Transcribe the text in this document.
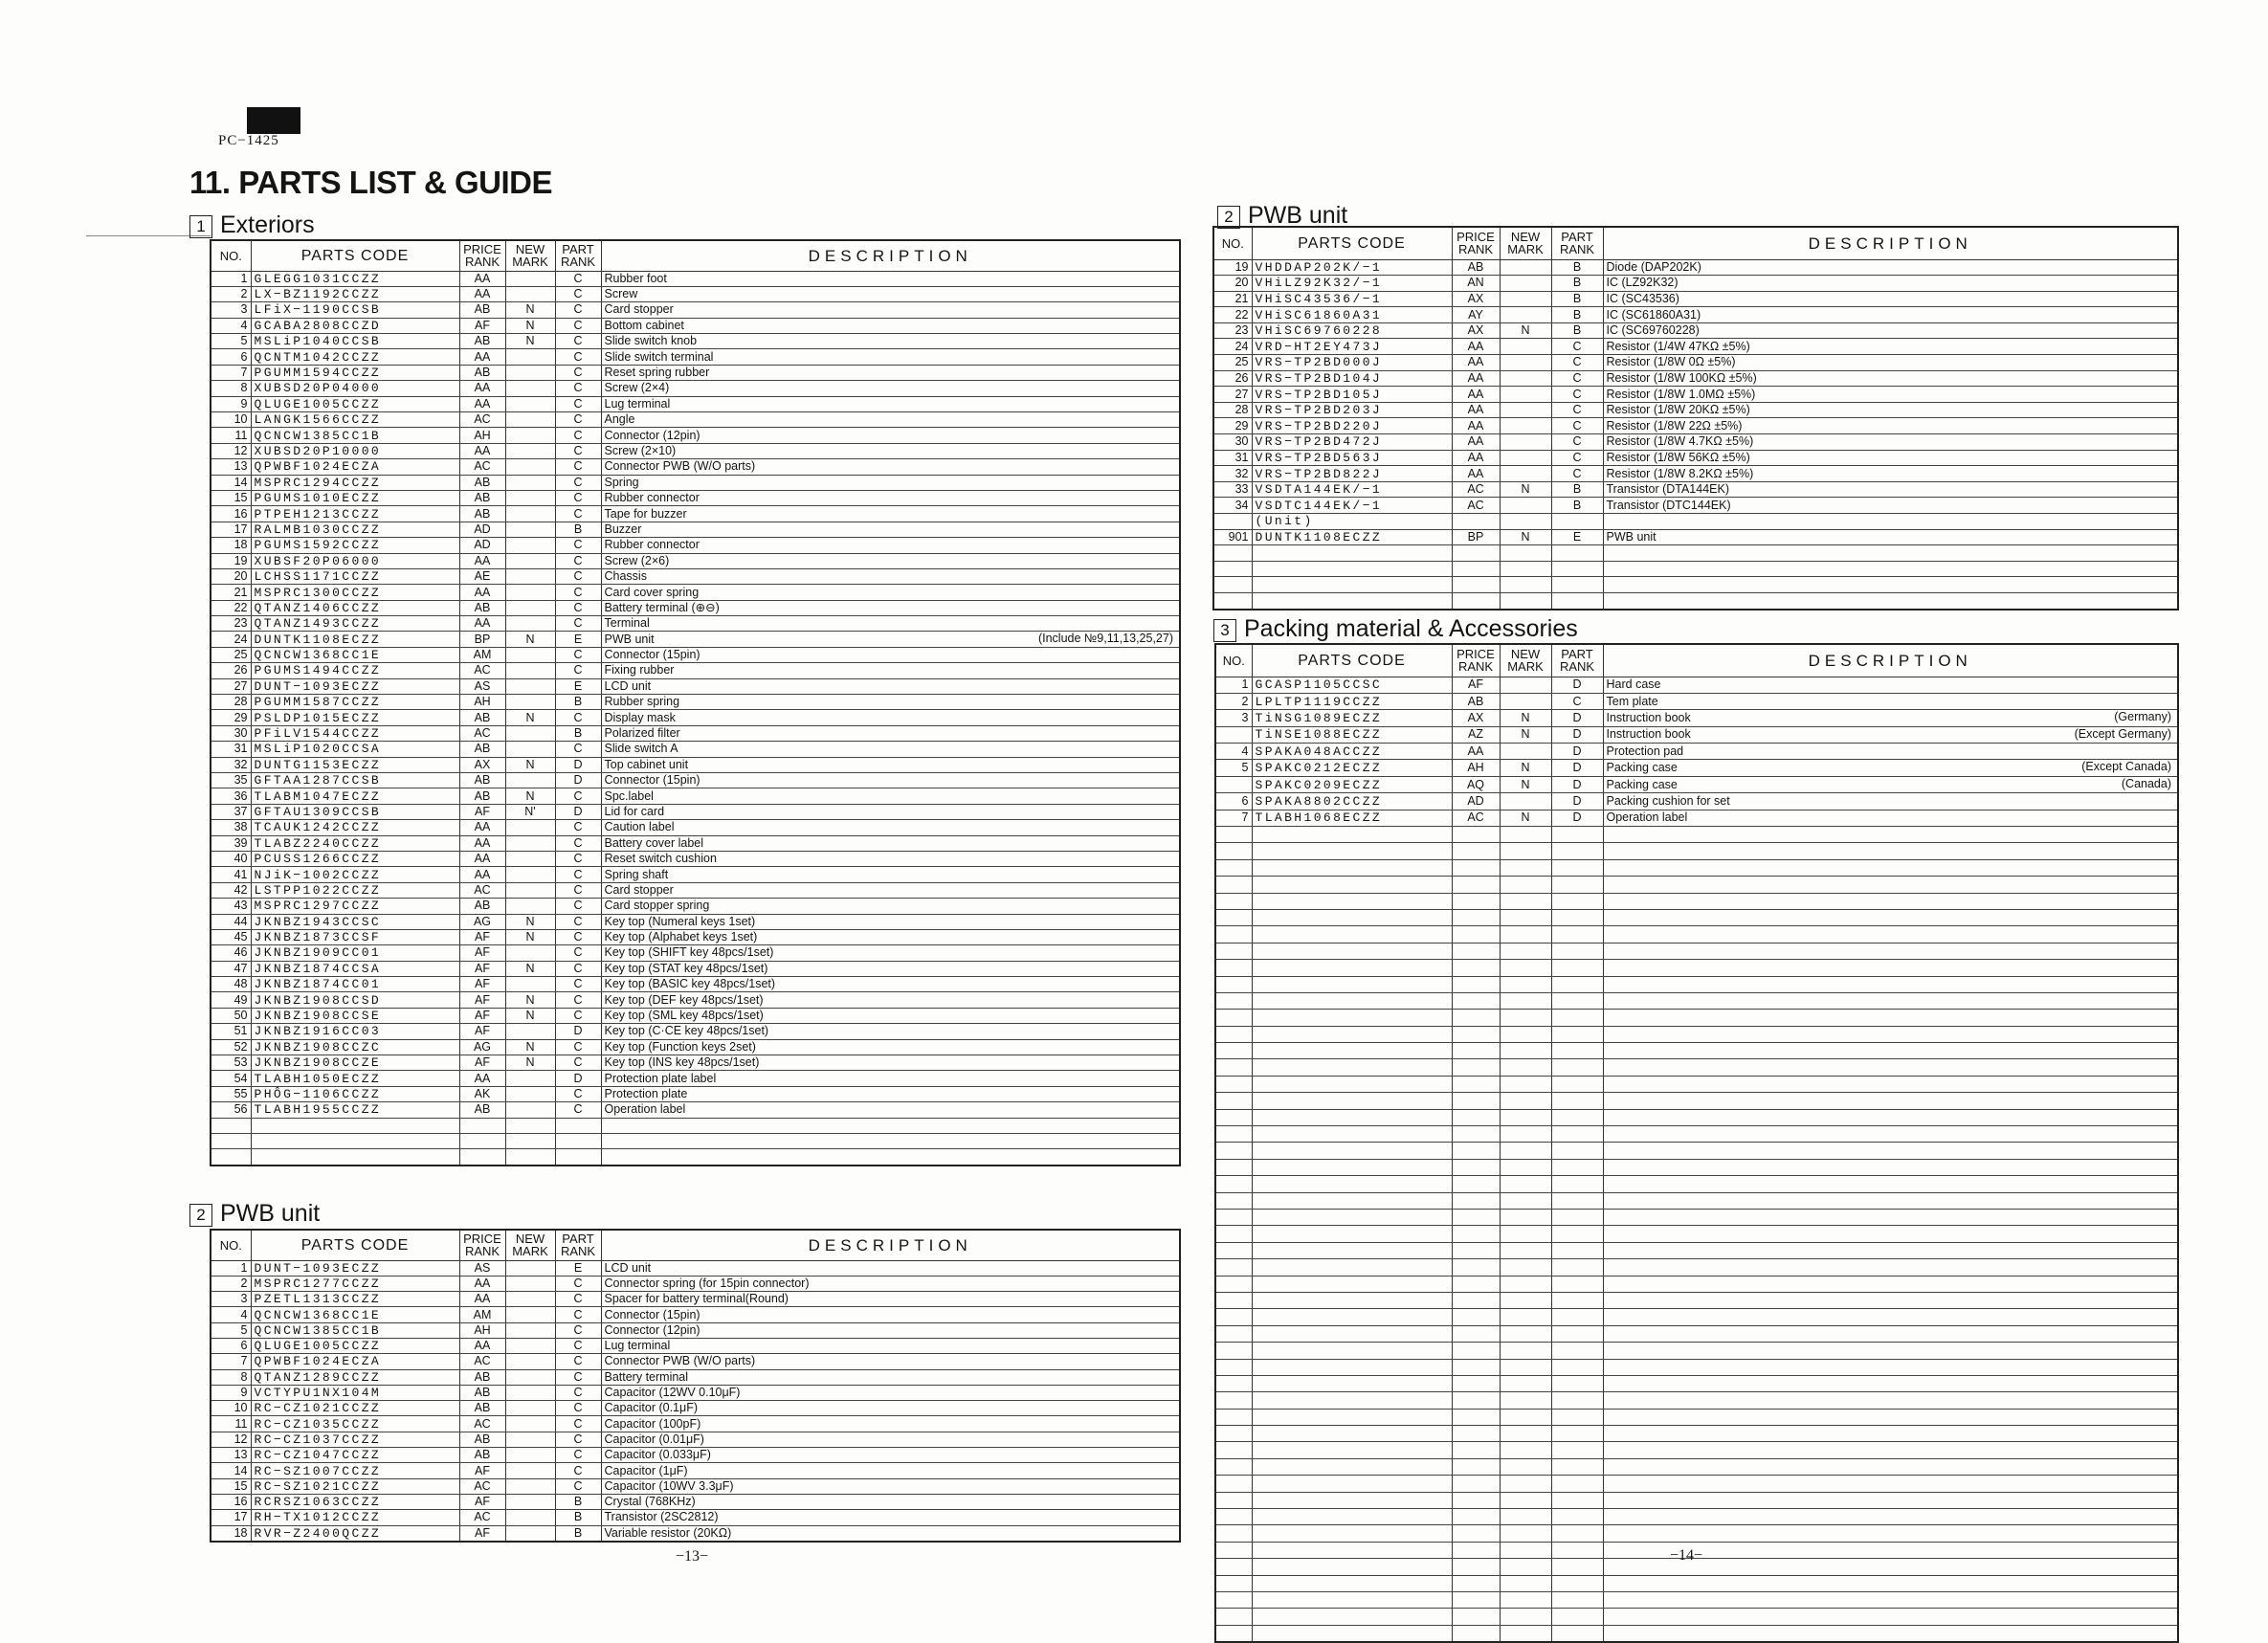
PC−1425
11. PARTS LIST & GUIDE
1 Exteriors
NO.	PARTS CODE	PRICE RANK	NEW MARK	PART RANK	DESCRIPTION
1	GLEGG1031CCZZ	AA		C	Rubber foot
2	LX−BZ1192CCZZ	AA		C	Screw
3	LFiX−1190CCSB	AB	N	C	Card stopper
4	GCABA2808CCZD	AF	N	C	Bottom cabinet
5	MSLiP1040CCSB	AB	N	C	Slide switch knob
6	QCNTM1042CCZZ	AA		C	Slide switch terminal
7	PGUMM1594CCZZ	AB		C	Reset spring rubber
8	XUBSD20P04000	AA		C	Screw (2×4)
9	QLUGE1005CCZZ	AA		C	Lug terminal
10	LANGK1566CCZZ	AC		C	Angle
11	QCNCW1385CC1B	AH		C	Connector (12pin)
12	XUBSD20P10000	AA		C	Screw (2×10)
13	QPWBF1024ECZA	AC		C	Connector PWB (W/O parts)
14	MSPRC1294CCZZ	AB		C	Spring
15	PGUMS1010ECZZ	AB		C	Rubber connector
16	PTPEH1213CCZZ	AB		C	Tape for buzzer
17	RALMB1030CCZZ	AD		B	Buzzer
18	PGUMS1592CCZZ	AD		C	Rubber connector
19	XUBSF20P06000	AA		C	Screw (2×6)
20	LCHSS1171CCZZ	AE		C	Chassis
21	MSPRC1300CCZZ	AA		C	Card cover spring
22	QTANZ1406CCZZ	AB		C	Battery terminal (⊕⊖)
23	QTANZ1493CCZZ	AA		C	Terminal
24	DUNTK1108ECZZ	BP	N	E	PWB unit (Include №9,11,13,25,27)

25	QCNCW1368CC1E	AM		C	Connector (15pin)
26	PGUMS1494CCZZ	AC		C	Fixing rubber
27	DUNT−1093ECZZ	AS		E	LCD unit
28	PGUMM1587CCZZ	AH		B	Rubber spring
29	PSLDP1015ECZZ	AB	N	C	Display mask
30	PFiLV1544CCZZ	AC		B	Polarized filter
31	MSLiP1020CCSA	AB		C	Slide switch A
32	DUNTG1153ECZZ	AX	N	D	Top cabinet unit
35	GFTAA1287CCSB	AB		D	Connector (15pin)
36	TLABM1047ECZZ	AB	N	C	Spc.label
37	GFTAU1309CCSB	AF	N'	D	Lid for card
38	TCAUK1242CCZZ	AA		C	Caution label
39	TLABZ2240CCZZ	AA		C	Battery cover label
40	PCUSS1266CCZZ	AA		C	Reset switch cushion
41	NJiK−1002CCZZ	AA		C	Spring shaft
42	LSTPP1022CCZZ	AC		C	Card stopper
43	MSPRC1297CCZZ	AB		C	Card stopper spring
44	JKNBZ1943CCSC	AG	N	C	Key top (Numeral keys 1set)
45	JKNBZ1873CCSF	AF	N	C	Key top (Alphabet keys 1set)
46	JKNBZ1909CC01	AF		C	Key top (SHIFT key 48pcs/1set)
47	JKNBZ1874CCSA	AF	N	C	Key top (STAT key 48pcs/1set)
48	JKNBZ1874CC01	AF		C	Key top (BASIC key 48pcs/1set)
49	JKNBZ1908CCSD	AF	N	C	Key top (DEF key 48pcs/1set)
50	JKNBZ1908CCSE	AF	N	C	Key top (SML key 48pcs/1set)
51	JKNBZ1916CC03	AF		D	Key top (C·CE key 48pcs/1set)
52	JKNBZ1908CCZC	AG	N	C	Key top (Function keys 2set)
53	JKNBZ1908CCZE	AF	N	C	Key top (INS key 48pcs/1set)
54	TLABH1050ECZZ	AA		D	Protection plate label
55	PHÔG−1106CCZZ	AK		C	Protection plate
56	TLABH1955CCZZ	AB		C	Operation label

2 PWB unit
NO.	PARTS CODE	PRICE RANK	NEW MARK	PART RANK	DESCRIPTION
1	DUNT−1093ECZZ	AS		E	LCD unit
2	MSPRC1277CCZZ	AA		C	Connector spring (for 15pin connector)
3	PZETL1313CCZZ	AA		C	Spacer for battery terminal(Round)
4	QCNCW1368CC1E	AM		C	Connector (15pin)
5	QCNCW1385CC1B	AH		C	Connector (12pin)
6	QLUGE1005CCZZ	AA		C	Lug terminal
7	QPWBF1024ECZA	AC		C	Connector PWB (W/O parts)
8	QTANZ1289CCZZ	AB		C	Battery terminal
9	VCTYPU1NX104M	AB		C	Capacitor (12WV 0.10μF)
10	RC−CZ1021CCZZ	AB		C	Capacitor (0.1μF)
11	RC−CZ1035CCZZ	AC		C	Capacitor (100pF)
12	RC−CZ1037CCZZ	AB		C	Capacitor (0.01μF)
13	RC−CZ1047CCZZ	AB		C	Capacitor (0.033μF)
14	RC−SZ1007CCZZ	AF		C	Capacitor (1μF)
15	RC−SZ1021CCZZ	AC		C	Capacitor (10WV 3.3μF)
16	RCRSZ1063CCZZ	AF		B	Crystal (768KHz)
17	RH−TX1012CCZZ	AC		B	Transistor (2SC2812)
18	RVR−Z2400QCZZ	AF		B	Variable resistor (20KΩ)
2 PWB unit
NO.	PARTS CODE	PRICE RANK	NEW MARK	PART RANK	DESCRIPTION
19	VHDDAP202K/−1	AB		B	Diode (DAP202K)
20	VHiLZ92K32/−1	AN		B	IC (LZ92K32)
21	VHiSC43536/−1	AX		B	IC (SC43536)
22	VHiSC61860A31	AY		B	IC (SC61860A31)
23	VHiSC69760228	AX	N	B	IC (SC69760228)
24	VRD−HT2EY473J	AA		C	Resistor (1/4W 47KΩ ±5%)
25	VRS−TP2BD000J	AA		C	Resistor (1/8W 0Ω ±5%)
26	VRS−TP2BD104J	AA		C	Resistor (1/8W 100KΩ ±5%)
27	VRS−TP2BD105J	AA		C	Resistor (1/8W 1.0MΩ ±5%)
28	VRS−TP2BD203J	AA		C	Resistor (1/8W 20KΩ ±5%)
29	VRS−TP2BD220J	AA		C	Resistor (1/8W 22Ω ±5%)
30	VRS−TP2BD472J	AA		C	Resistor (1/8W 4.7KΩ ±5%)
31	VRS−TP2BD563J	AA		C	Resistor (1/8W 56KΩ ±5%)
32	VRS−TP2BD822J	AA		C	Resistor (1/8W 8.2KΩ ±5%)
33	VSDTA144EK/−1	AC	N	B	Transistor (DTA144EK)
34	VSDTC144EK/−1	AC		B	Transistor (DTC144EK)
	(Unit)				
901	DUNTK1108ECZZ	BP	N	E	PWB unit

3 Packing material & Accessories
NO.	PARTS CODE	PRICE RANK	NEW MARK	PART RANK	DESCRIPTION
1	GCASP1105CCSC	AF		D	Hard case
2	LPLTP1119CCZZ	AB		C	Tem plate
3	TiNSG1089ECZZ	AX	N	D	Instruction book (Germany)

	TiNSE1088ECZZ	AZ	N	D	Instruction book (Except Germany)

4	SPAKA048ACCZZ	AA		D	Protection pad
5	SPAKC0212ECZZ	AH	N	D	Packing case (Except Canada)

	SPAKC0209ECZZ	AQ	N	D	Packing case (Canada)

6	SPAKA8802CCZZ	AD		D	Packing cushion for set
7	TLABH1068ECZZ	AC	N	D	Operation label

−13−	−14−
